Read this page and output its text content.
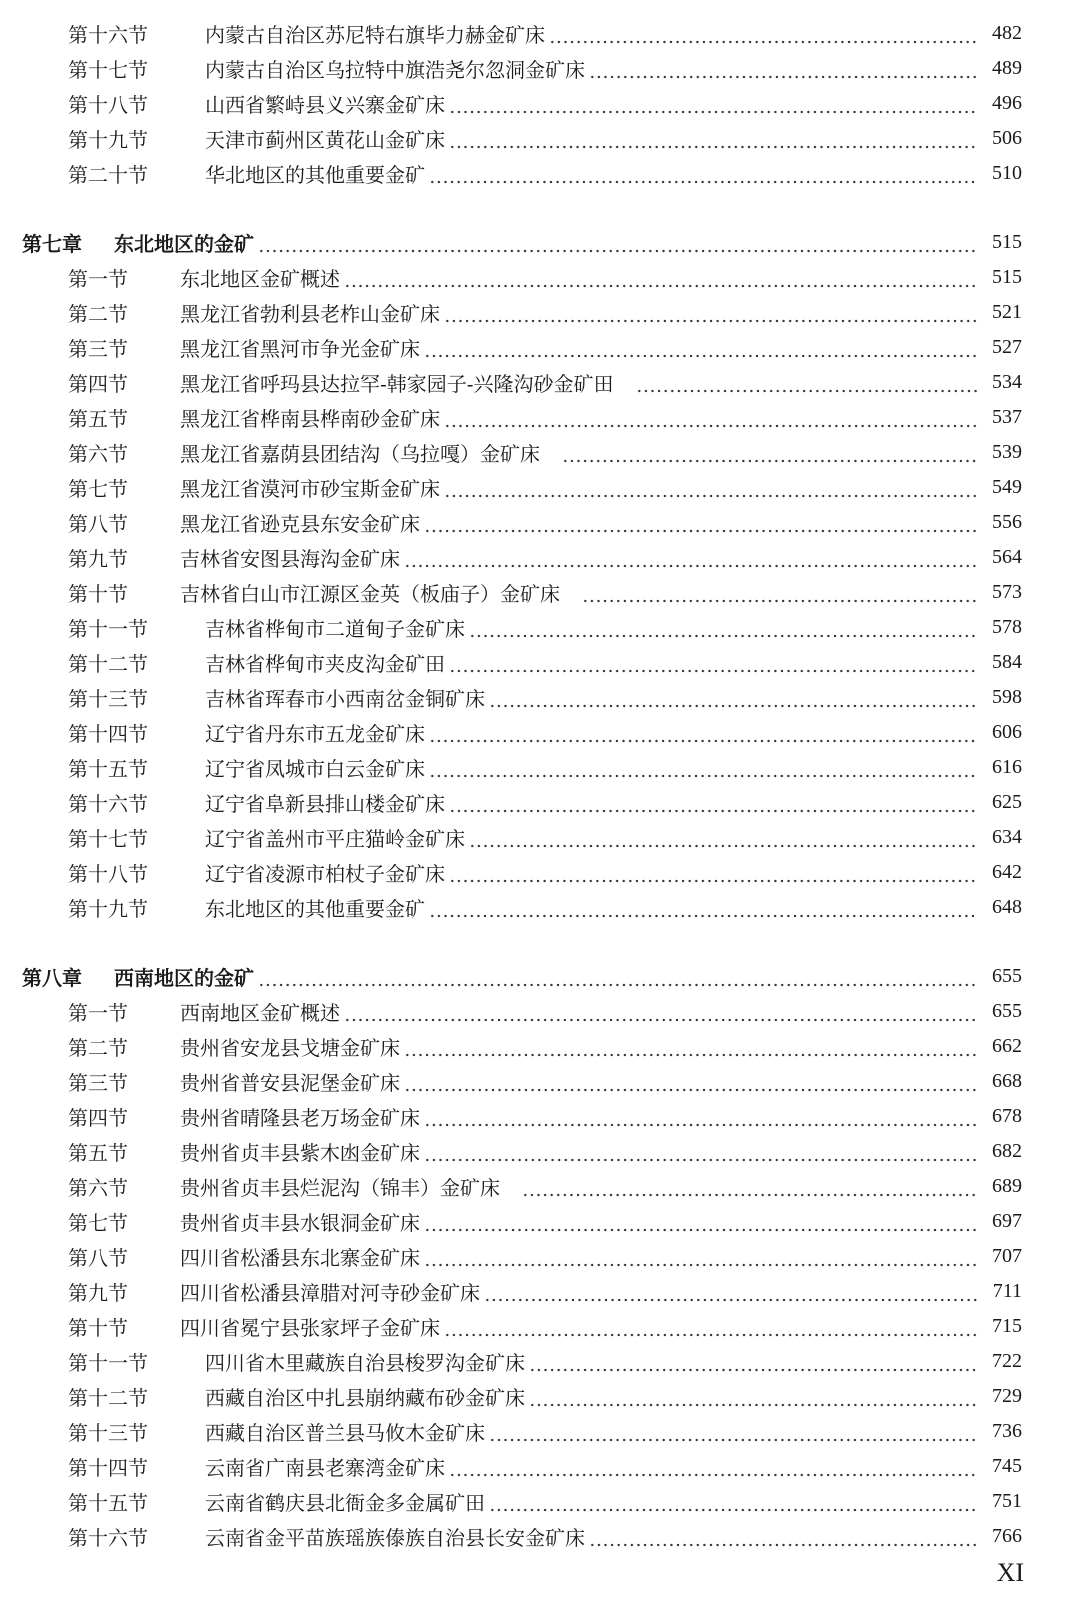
第十六节	内蒙古自治区苏尼特右旗毕力赫金矿床	482
第十七节	内蒙古自治区乌拉特中旗浩尧尔忽洞金矿床	489
第十八节	山西省繁峙县义兴寨金矿床	496
第十九节	天津市蓟州区黄花山金矿床	506
第二十节	华北地区的其他重要金矿	510
第七章	东北地区的金矿	515
第一节	东北地区金矿概述	515
第二节	黑龙江省勃利县老柞山金矿床	521
第三节	黑龙江省黑河市争光金矿床	527
第四节	黑龙江省呼玛县达拉罕-韩家园子-兴隆沟砂金矿田	534
第五节	黑龙江省桦南县桦南砂金矿床	537
第六节	黑龙江省嘉荫县团结沟（乌拉嘎）金矿床	539
第七节	黑龙江省漠河市砂宝斯金矿床	549
第八节	黑龙江省逊克县东安金矿床	556
第九节	吉林省安图县海沟金矿床	564
第十节	吉林省白山市江源区金英（板庙子）金矿床	573
第十一节	吉林省桦甸市二道甸子金矿床	578
第十二节	吉林省桦甸市夹皮沟金矿田	584
第十三节	吉林省珲春市小西南岔金铜矿床	598
第十四节	辽宁省丹东市五龙金矿床	606
第十五节	辽宁省凤城市白云金矿床	616
第十六节	辽宁省阜新县排山楼金矿床	625
第十七节	辽宁省盖州市平庄猫岭金矿床	634
第十八节	辽宁省凌源市柏杖子金矿床	642
第十九节	东北地区的其他重要金矿	648
第八章	西南地区的金矿	655
第一节	西南地区金矿概述	655
第二节	贵州省安龙县戈塘金矿床	662
第三节	贵州省普安县泥堡金矿床	668
第四节	贵州省晴隆县老万场金矿床	678
第五节	贵州省贞丰县紫木凼金矿床	682
第六节	贵州省贞丰县烂泥沟（锦丰）金矿床	689
第七节	贵州省贞丰县水银洞金矿床	697
第八节	四川省松潘县东北寨金矿床	707
第九节	四川省松潘县漳腊对河寺砂金矿床	711
第十节	四川省冕宁县张家坪子金矿床	715
第十一节	四川省木里藏族自治县梭罗沟金矿床	722
第十二节	西藏自治区中扎县崩纳藏布砂金矿床	729
第十三节	西藏自治区普兰县马攸木金矿床	736
第十四节	云南省广南县老寨湾金矿床	745
第十五节	云南省鹤庆县北衙金多金属矿田	751
第十六节	云南省金平苗族瑶族傣族自治县长安金矿床	766
XI
